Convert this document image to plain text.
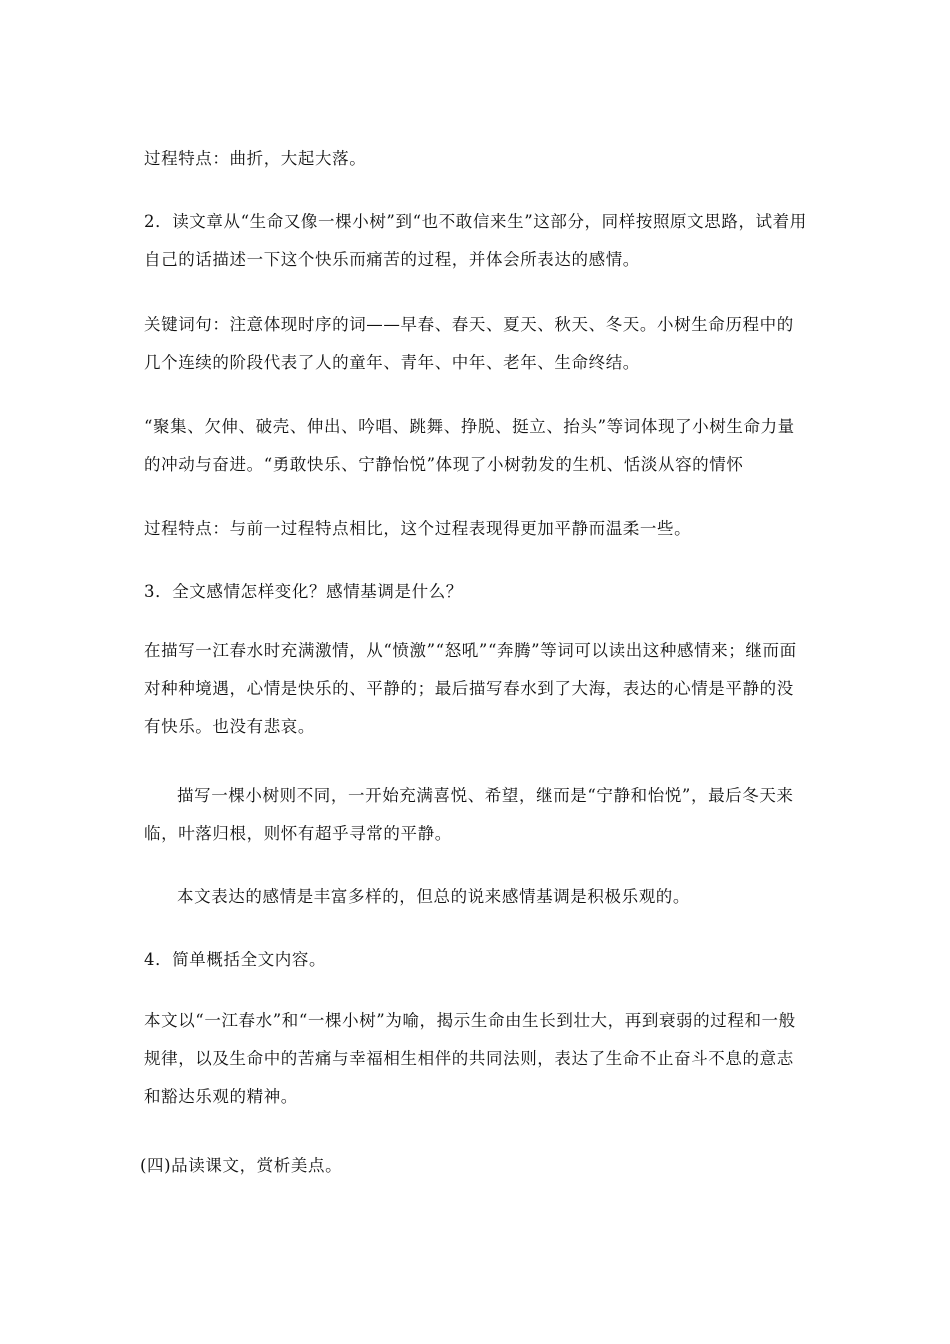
过程特点：曲折，大起大落。

2．读文章从“生命又像一棵小树”到“也不敢信来生”这部分，同样按照原文思路，试着用自己的话描述一下这个快乐而痛苦的过程，并体会所表达的感情。

关键词句：注意体现时序的词——早春、春天、夏天、秋天、冬天。小树生命历程中的几个连续的阶段代表了人的童年、青年、中年、老年、生命终结。

“聚集、欠伸、破壳、伸出、吟唱、跳舞、挣脱、挺立、抬头”等词体现了小树生命力量的冲动与奋进。“勇敢快乐、宁静怡悦”体现了小树勃发的生机、恬淡从容的情怀

过程特点：与前一过程特点相比，这个过程表现得更加平静而温柔一些。

3．全文感情怎样变化？感情基调是什么？

在描写一江春水时充满激情，从“愤激”“怒吼”“奔腾”等词可以读出这种感情来；继而面对种种境遇，心情是快乐的、平静的；最后描写春水到了大海，表达的心情是平静的没有快乐。也没有悲哀。

描写一棵小树则不同，一开始充满喜悦、希望，继而是“宁静和怡悦”，最后冬天来临，叶落归根，则怀有超乎寻常的平静。

本文表达的感情是丰富多样的，但总的说来感情基调是积极乐观的。

4．简单概括全文内容。

本文以“一江春水”和“一棵小树”为喻，揭示生命由生长到壮大，再到衰弱的过程和一般规律，以及生命中的苦痛与幸福相生相伴的共同法则，表达了生命不止奋斗不息的意志和豁达乐观的精神。

(四)品读课文，赏析美点。
